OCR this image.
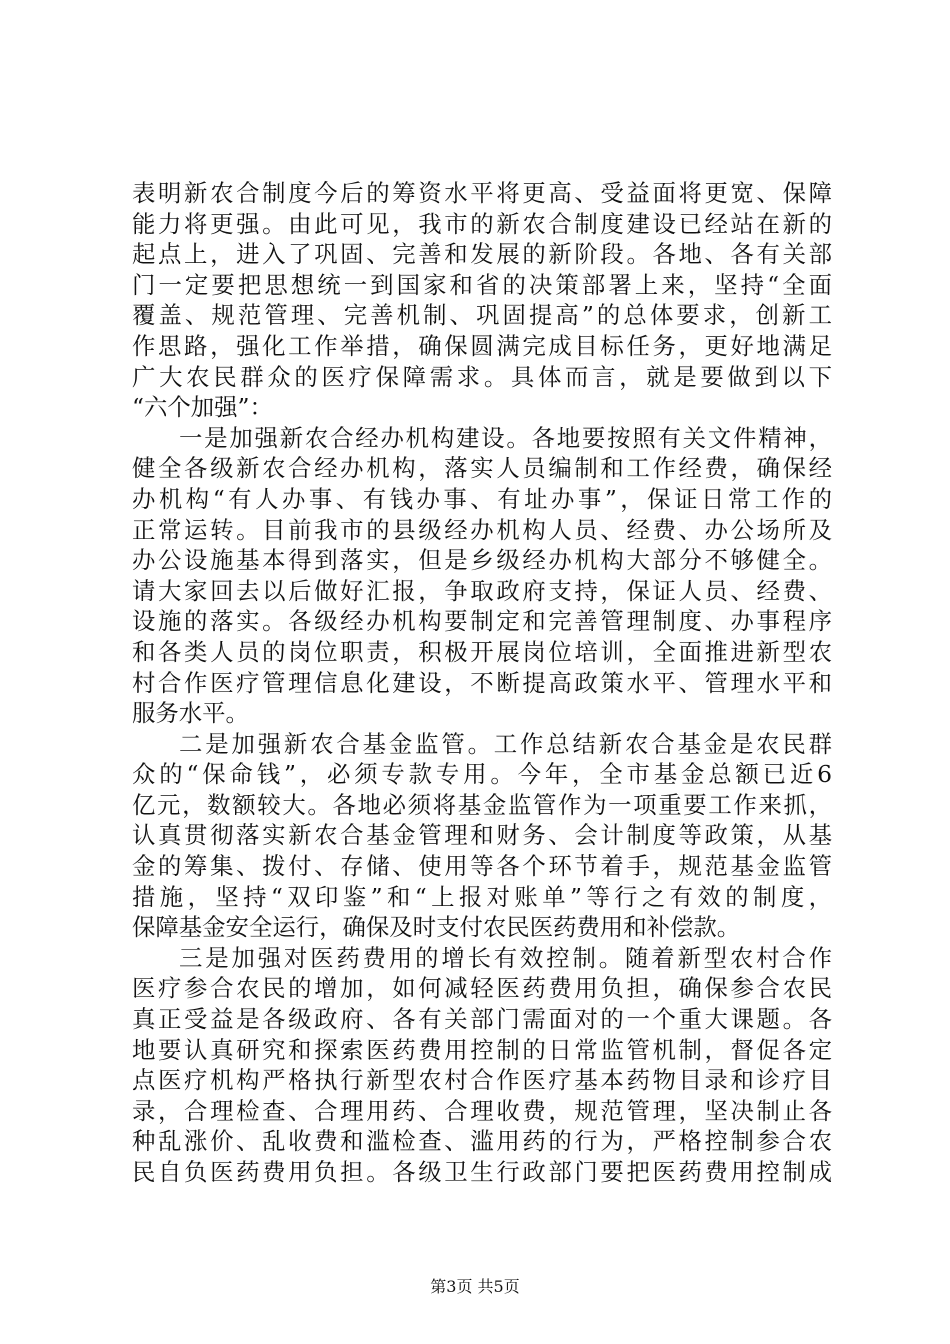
表明新农合制度今后的筹资水平将更高、受益面将更宽、保障
能力将更强。由此可见，我市的新农合制度建设已经站在新的
起点上，进入了巩固、完善和发展的新阶段。各地、各有关部
门一定要把思想统一到国家和省的决策部署上来，坚持“全面
覆盖、规范管理、完善机制、巩固提高”的总体要求，创新工
作思路，强化工作举措，确保圆满完成目标任务，更好地满足
广大农民群众的医疗保障需求。具体而言，就是要做到以下
“六个加强”：
一是加强新农合经办机构建设。各地要按照有关文件精神，
健全各级新农合经办机构，落实人员编制和工作经费，确保经
办机构“有人办事、有钱办事、有址办事”，保证日常工作的
正常运转。目前我市的县级经办机构人员、经费、办公场所及
办公设施基本得到落实，但是乡级经办机构大部分不够健全。
请大家回去以后做好汇报，争取政府支持，保证人员、经费、
设施的落实。各级经办机构要制定和完善管理制度、办事程序
和各类人员的岗位职责，积极开展岗位培训，全面推进新型农
村合作医疗管理信息化建设，不断提高政策水平、管理水平和
服务水平。
二是加强新农合基金监管。工作总结新农合基金是农民群
众的“保命钱”，必须专款专用。今年，全市基金总额已近6
亿元，数额较大。各地必须将基金监管作为一项重要工作来抓，
认真贯彻落实新农合基金管理和财务、会计制度等政策，从基
金的筹集、拨付、存储、使用等各个环节着手，规范基金监管
措施，坚持“双印鉴”和“上报对账单”等行之有效的制度，
保障基金安全运行，确保及时支付农民医药费用和补偿款。
三是加强对医药费用的增长有效控制。随着新型农村合作
医疗参合农民的增加，如何减轻医药费用负担，确保参合农民
真正受益是各级政府、各有关部门需面对的一个重大课题。各
地要认真研究和探索医药费用控制的日常监管机制，督促各定
点医疗机构严格执行新型农村合作医疗基本药物目录和诊疗目
录，合理检查、合理用药、合理收费，规范管理，坚决制止各
种乱涨价、乱收费和滥检查、滥用药的行为，严格控制参合农
民自负医药费用负担。各级卫生行政部门要把医药费用控制成
第3页 共5页
